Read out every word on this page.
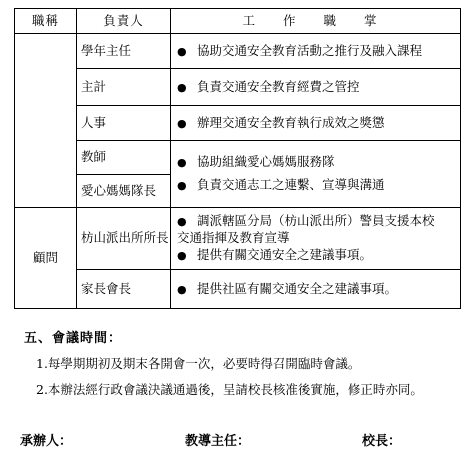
職稱	負責人	工 作 職 掌
	學年主任	● 協助交通安全教育活動之推行及融入課程

	主計	● 負責交通安全教育經費之管控

	人事	● 辦理交通安全教育執行成效之獎懲

	教師	● 協助組織愛心媽媽服務隊
● 負責交通志工之連繫、宣導與溝通

	愛心媽媽隊長	
顧問	枋山派出所所長	● 調派轄區分局（枋山派出所）警員支援本校
交通指揮及教育宣導
● 提供有關交通安全之建議事項。

	家長會長	● 提供社區有關交通安全之建議事項。
五、會議時間：
1.每學期期初及期末各開會一次，必要時得召開臨時會議。
2.本辦法經行政會議決議通過後，呈請校長核准後實施，修正時亦同。
承辦人：	教導主任：	校長：
